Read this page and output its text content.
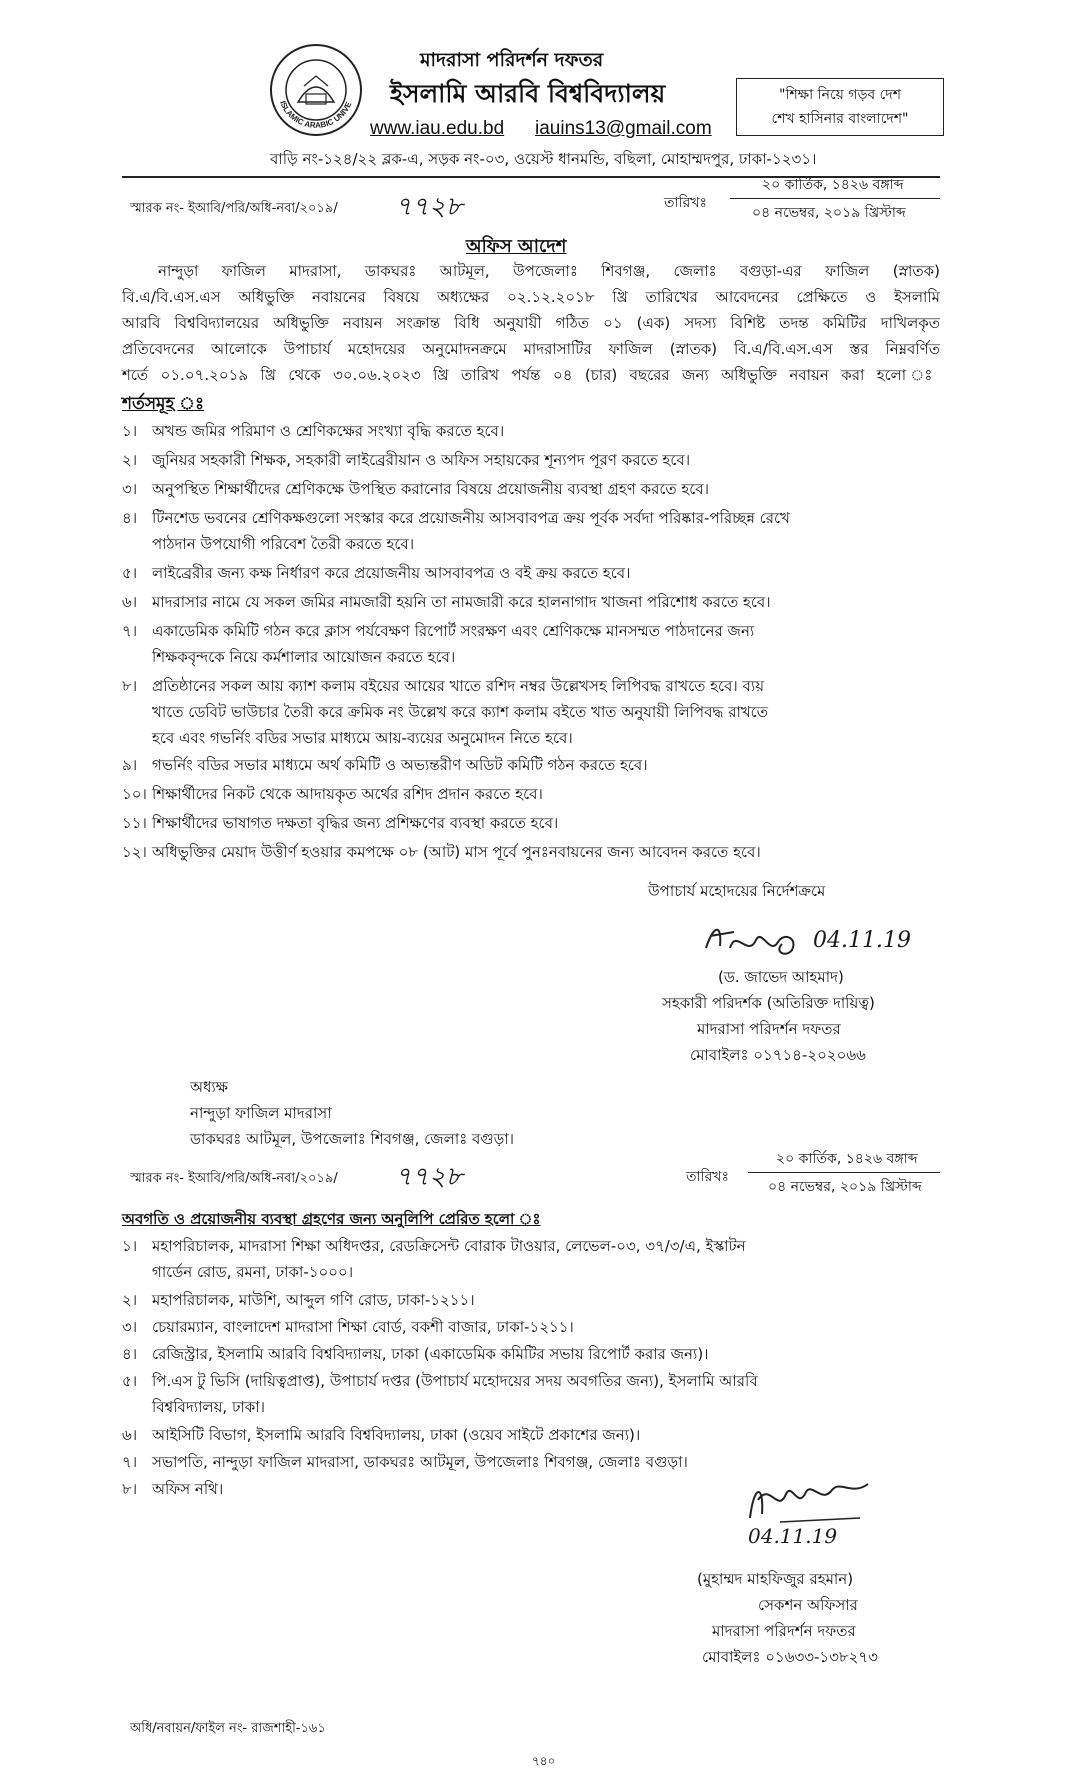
ISLAMIC ARABIC UNIVE
মাদরাসা পরিদর্শন দফতর
ইসলামি আরবি বিশ্ববিদ্যালয়
www.iau.edu.bd iauins13@gmail.com
"শিক্ষা নিয়ে গড়ব দেশ
শেখ হাসিনার বাংলাদেশ"
বাড়ি নং-১২৪/২২ ব্লক-এ, সড়ক নং-০৩, ওয়েস্ট ধানমন্ডি, বছিলা, মোহাম্মদপুর, ঢাকা-১২৩১।
স্মারক নং- ইআবি/পরি/অধি-নবা/২০১৯/ ৭৭২৮	তারিখঃ
২০ কার্তিক, ১৪২৬ বঙ্গাব্দ
০৪ নভেম্বর, ২০১৯ খ্রিস্টাব্দ
অফিস আদেশ
নান্দুড়া ফাজিল মাদরাসা, ডাকঘরঃ আটমূল, উপজেলাঃ শিবগঞ্জ, জেলাঃ বগুড়া-এর ফাজিল (স্নাতক)
বি.এ/বি.এস.এস অধিভুক্তি নবায়নের বিষয়ে অধ্যক্ষের ০২.১২.২০১৮ খ্রি তারিখের আবেদনের প্রেক্ষিতে ও ইসলামি
আরবি বিশ্ববিদ্যালয়ের অধিভুক্তি নবায়ন সংক্রান্ত বিধি অনুযায়ী গঠিত ০১ (এক) সদস্য বিশিষ্ট তদন্ত কমিটির দাখিলকৃত
প্রতিবেদনের আলোকে উপাচার্য মহোদয়ের অনুমোদনক্রমে মাদরাসাটির ফাজিল (স্নাতক) বি.এ/বি.এস.এস স্তর নিম্নবর্ণিত
শর্তে ০১.০৭.২০১৯ খ্রি থেকে ৩০.০৬.২০২৩ খ্রি তারিখ পর্যন্ত ০৪ (চার) বছরের জন্য অধিভুক্তি নবায়ন করা হলো ঃ
শর্তসমূহ ঃ
১। অখন্ড জমির পরিমাণ ও শ্রেণিকক্ষের সংখ্যা বৃদ্ধি করতে হবে।
২। জুনিয়র সহকারী শিক্ষক, সহকারী লাইব্রেরীয়ান ও অফিস সহায়কের শূন্যপদ পূরণ করতে হবে।
৩। অনুপস্থিত শিক্ষার্থীদের শ্রেণিকক্ষে উপস্থিত করানোর বিষয়ে প্রয়োজনীয় ব্যবস্থা গ্রহণ করতে হবে।
৪। টিনশেড ভবনের শ্রেণিকক্ষগুলো সংস্কার করে প্রয়োজনীয় আসবাবপত্র ক্রয় পূর্বক সর্বদা পরিষ্কার-পরিচ্ছন্ন রেখে
পাঠদান উপযোগী পরিবেশ তৈরী করতে হবে।
৫। লাইব্রেরীর জন্য কক্ষ নির্ধারণ করে প্রয়োজনীয় আসবাবপত্র ও বই ক্রয় করতে হবে।
৬। মাদরাসার নামে যে সকল জমির নামজারী হয়নি তা নামজারী করে হালনাগাদ খাজনা পরিশোধ করতে হবে।
৭। একাডেমিক কমিটি গঠন করে ক্লাস পর্যবেক্ষণ রিপোর্ট সংরক্ষণ এবং শ্রেণিকক্ষে মানসম্মত পাঠদানের জন্য
শিক্ষকবৃন্দকে নিয়ে কর্মশালার আয়োজন করতে হবে।
৮। প্রতিষ্ঠানের সকল আয় ক্যাশ কলাম বইয়ের আয়ের খাতে রশিদ নম্বর উল্লেখসহ লিপিবদ্ধ রাখতে হবে। ব্যয়
খাতে ডেবিট ভাউচার তৈরী করে ক্রমিক নং উল্লেখ করে ক্যাশ কলাম বইতে খাত অনুযায়ী লিপিবদ্ধ রাখতে
হবে এবং গভর্নিং বডির সভার মাধ্যমে আয়-ব্যয়ের অনুমোদন নিতে হবে।
৯। গভর্নিং বডির সভার মাধ্যমে অর্থ কমিটি ও অভ্যন্তরীণ অডিট কমিটি গঠন করতে হবে।
১০। শিক্ষার্থীদের নিকট থেকে আদায়কৃত অর্থের রশিদ প্রদান করতে হবে।
১১। শিক্ষার্থীদের ভাষাগত দক্ষতা বৃদ্ধির জন্য প্রশিক্ষণের ব্যবস্থা করতে হবে।
১২। অধিভুক্তির মেয়াদ উত্তীর্ণ হওয়ার কমপক্ষে ০৮ (আট) মাস পূর্বে পুনঃনবায়নের জন্য আবেদন করতে হবে।
উপাচার্য মহোদয়ের নির্দেশক্রমে
04.11.19
(ড. জাভেদ আহমাদ)
সহকারী পরিদর্শক (অতিরিক্ত দায়িত্ব)
মাদরাসা পরিদর্শন দফতর
মোবাইলঃ ০১৭১৪-২০২০৬৬
অধ্যক্ষ
নান্দুড়া ফাজিল মাদরাসা
ডাকঘরঃ আটমূল, উপজেলাঃ শিবগঞ্জ, জেলাঃ বগুড়া।
স্মারক নং- ইআবি/পরি/অধি-নবা/২০১৯/ ৭৭২৮	তারিখঃ
২০ কার্তিক, ১৪২৬ বঙ্গাব্দ
০৪ নভেম্বর, ২০১৯ খ্রিস্টাব্দ
অবগতি ও প্রয়োজনীয় ব্যবস্থা গ্রহণের জন্য অনুলিপি প্রেরিত হলো ঃ
১। মহাপরিচালক, মাদরাসা শিক্ষা অধিদপ্তর, রেডক্রিসেন্ট বোরাক টাওয়ার, লেভেল-০৩, ৩৭/৩/এ, ইস্কাটন
গার্ডেন রোড, রমনা, ঢাকা-১০০০।
২। মহাপরিচালক, মাউশি, আব্দুল গণি রোড, ঢাকা-১২১১।
৩। চেয়ারম্যান, বাংলাদেশ মাদরাসা শিক্ষা বোর্ড, বকশী বাজার, ঢাকা-১২১১।
৪। রেজিস্ট্রার, ইসলামি আরবি বিশ্ববিদ্যালয়, ঢাকা (একাডেমিক কমিটির সভায় রিপোর্ট করার জন্য)।
৫। পি.এস টু ভিসি (দায়িত্বপ্রাপ্ত), উপাচার্য দপ্তর (উপাচার্য মহোদয়ের সদয় অবগতির জন্য), ইসলামি আরবি
বিশ্ববিদ্যালয়, ঢাকা।
৬। আইসিটি বিভাগ, ইসলামি আরবি বিশ্ববিদ্যালয়, ঢাকা (ওয়েব সাইটে প্রকাশের জন্য)।
৭। সভাপতি, নান্দুড়া ফাজিল মাদরাসা, ডাকঘরঃ আটমূল, উপজেলাঃ শিবগঞ্জ, জেলাঃ বগুড়া।
৮। অফিস নথি।
04.11.19
(মুহাম্মদ মাহফিজুর রহমান)
সেকশন অফিসার
মাদরাসা পরিদর্শন দফতর
মোবাইলঃ ০১৬৩৩-১৩৮২৭৩
অধি/নবায়ন/ফাইল নং- রাজশাহী-১৬১
৭৪০
